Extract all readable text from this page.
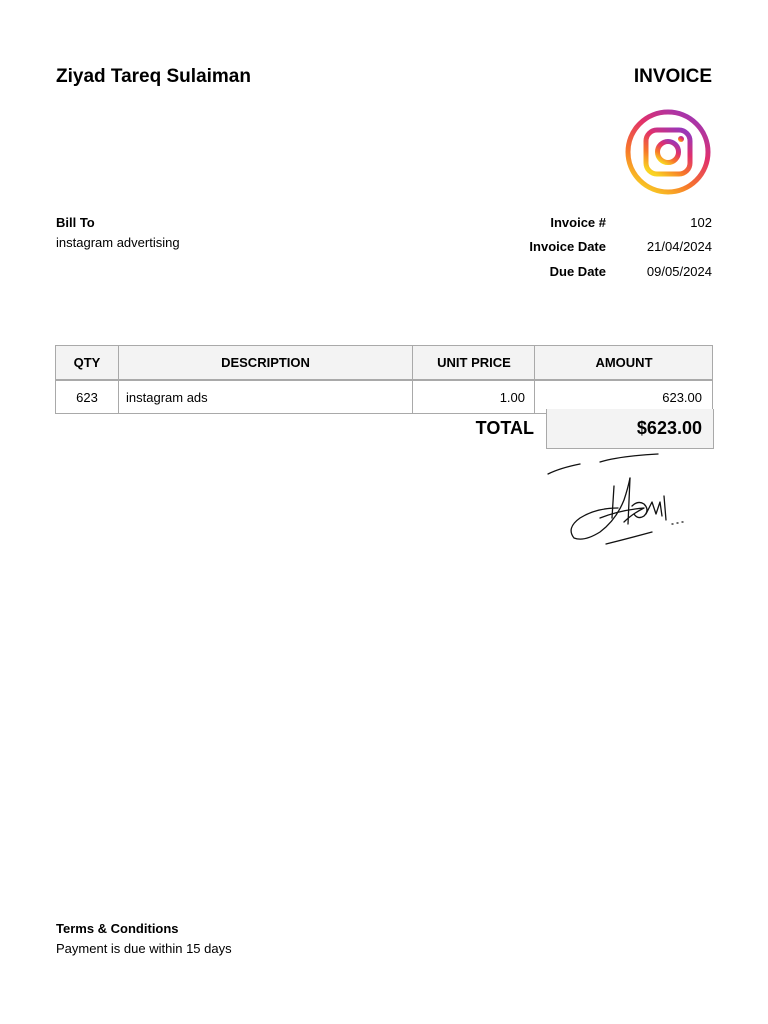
Ziyad Tareq Sulaiman	INVOICE
Bill To
instagram advertising
Invoice #	102
Invoice Date	21/04/2024
Due Date	09/05/2024
QTY	DESCRIPTION	UNIT PRICE	AMOUNT
623	instagram ads	1.00	623.00
TOTAL	$623.00
Terms & Conditions
Payment is due within 15 days
